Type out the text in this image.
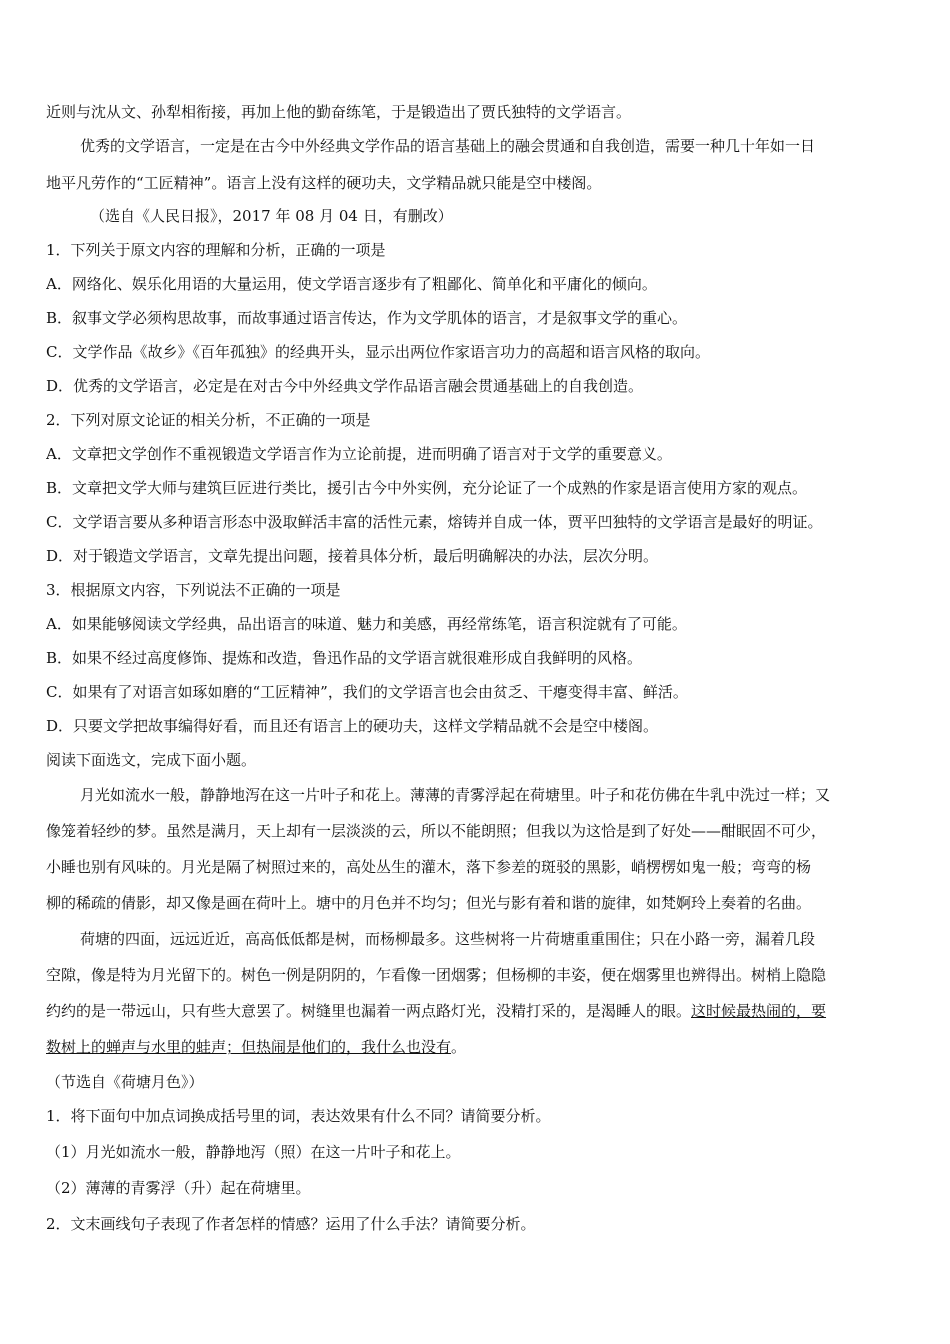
近则与沈从文、孙犁相衔接，再加上他的勤奋练笔，于是锻造出了贾氏独特的文学语言。
优秀的文学语言，一定是在古今中外经典文学作品的语言基础上的融会贯通和自我创造，需要一种几十年如一日
地平凡劳作的“工匠精神”。语言上没有这样的硬功夫，文学精品就只能是空中楼阁。
（选自《人民日报》，2017 年 08 月 04 日，有删改）
1．下列关于原文内容的理解和分析，正确的一项是
A．网络化、娱乐化用语的大量运用，使文学语言逐步有了粗鄙化、简单化和平庸化的倾向。
B．叙事文学必须构思故事，而故事通过语言传达，作为文学肌体的语言，才是叙事文学的重心。
C．文学作品《故乡》《百年孤独》的经典开头，显示出两位作家语言功力的高超和语言风格的取向。
D．优秀的文学语言，必定是在对古今中外经典文学作品语言融会贯通基础上的自我创造。
2．下列对原文论证的相关分析，不正确的一项是
A．文章把文学创作不重视锻造文学语言作为立论前提，进而明确了语言对于文学的重要意义。
B．文章把文学大师与建筑巨匠进行类比，援引古今中外实例，充分论证了一个成熟的作家是语言使用方家的观点。
C．文学语言要从多种语言形态中汲取鲜活丰富的活性元素，熔铸并自成一体，贾平凹独特的文学语言是最好的明证。
D．对于锻造文学语言，文章先提出问题，接着具体分析，最后明确解决的办法，层次分明。
3．根据原文内容，下列说法不正确的一项是
A．如果能够阅读文学经典，品出语言的味道、魅力和美感，再经常练笔，语言积淀就有了可能。
B．如果不经过高度修饰、提炼和改造，鲁迅作品的文学语言就很难形成自我鲜明的风格。
C．如果有了对语言如琢如磨的“工匠精神”，我们的文学语言也会由贫乏、干瘪变得丰富、鲜活。
D．只要文学把故事编得好看，而且还有语言上的硬功夫，这样文学精品就不会是空中楼阁。
阅读下面选文，完成下面小题。
月光如流水一般，静静地泻在这一片叶子和花上。薄薄的青雾浮起在荷塘里。叶子和花仿佛在牛乳中洗过一样；又
像笼着轻纱的梦。虽然是满月，天上却有一层淡淡的云，所以不能朗照；但我以为这恰是到了好处——酣眠固不可少，
小睡也别有风味的。月光是隔了树照过来的，高处丛生的灌木，落下参差的斑驳的黑影，峭楞楞如鬼一般；弯弯的杨
柳的稀疏的倩影，却又像是画在荷叶上。塘中的月色并不均匀；但光与影有着和谐的旋律，如梵婀玲上奏着的名曲。
荷塘的四面，远远近近，高高低低都是树，而杨柳最多。这些树将一片荷塘重重围住；只在小路一旁，漏着几段
空隙，像是特为月光留下的。树色一例是阴阴的，乍看像一团烟雾；但杨柳的丰姿，便在烟雾里也辨得出。树梢上隐隐
约约的是一带远山，只有些大意罢了。树缝里也漏着一两点路灯光，没精打采的，是渴睡人的眼。这时候最热闹的，要
数树上的蝉声与水里的蛙声；但热闹是他们的，我什么也没有。
（节选自《荷塘月色》）
1．将下面句中加点词换成括号里的词，表达效果有什么不同？请简要分析。
（1）月光如流水一般，静静地泻（照）在这一片叶子和花上。
（2）薄薄的青雾浮（升）起在荷塘里。
2．文末画线句子表现了作者怎样的情感？运用了什么手法？请简要分析。
